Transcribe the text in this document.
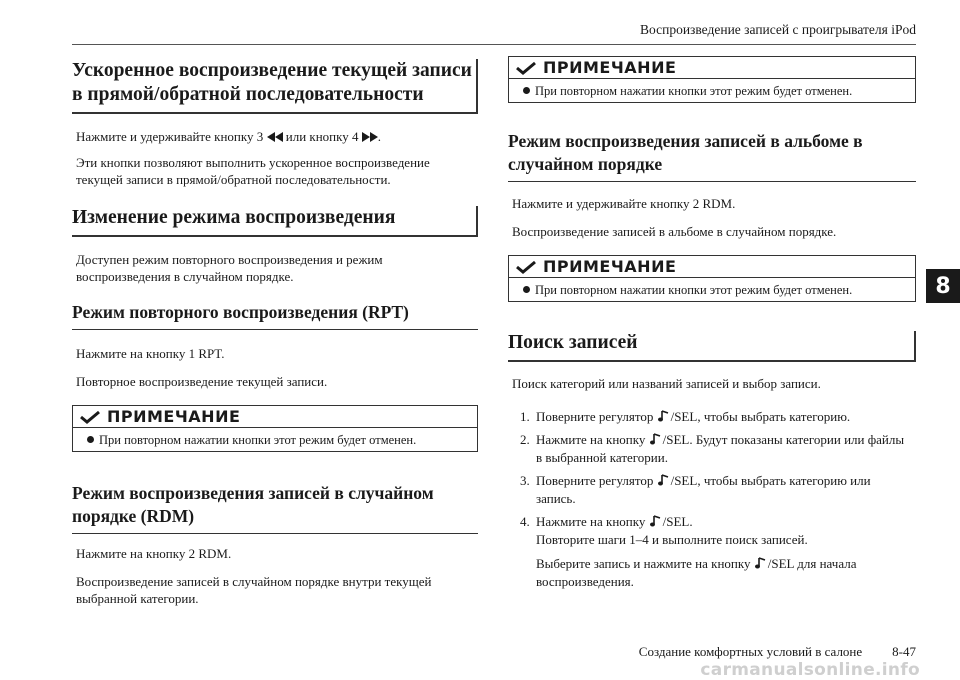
Воспроизведение записей с проигрывателя iPod
Ускоренное воспроизведение текущей записи в прямой/обратной последовательности
Нажмите и удерживайте кнопку 3 или кнопку 4 .
Эти кнопки позволяют выполнить ускоренное воспроизведение текущей записи в прямой/обратной последовательности.
Изменение режима воспроизведения
Доступен режим повторного воспроизведения и режим воспроизведения в случайном порядке.
Режим повторного воспроизведения (RPT)
Нажмите на кнопку 1 RPT.
Повторное воспроизведение текущей записи.
ПРИМЕЧАНИЕ
При повторном нажатии кнопки этот режим будет отменен.
Режим воспроизведения записей в случайном порядке (RDM)
Нажмите на кнопку 2 RDM.
Воспроизведение записей в случайном порядке внутри текущей выбранной категории.
ПРИМЕЧАНИЕ
При повторном нажатии кнопки этот режим будет отменен.
Режим воспроизведения записей в альбоме в случайном порядке
Нажмите и удерживайте кнопку 2 RDM.
Воспроизведение записей в альбоме в случайном порядке.
ПРИМЕЧАНИЕ
При повторном нажатии кнопки этот режим будет отменен.
Поиск записей
Поиск категорий или названий записей и выбор записи.
1. Поверните регулятор /SEL, чтобы выбрать категорию.
2. Нажмите на кнопку /SEL. Будут показаны категории или файлы в выбранной категории.
3. Поверните регулятор /SEL, чтобы выбрать категорию или запись.
4. Нажмите на кнопку /SEL.
Повторите шаги 1–4 и выполните поиск записей.
Выберите запись и нажмите на кнопку /SEL для начала воспроизведения.
8
Создание комфортных условий в салоне 8-47
carmanualsonline.info
